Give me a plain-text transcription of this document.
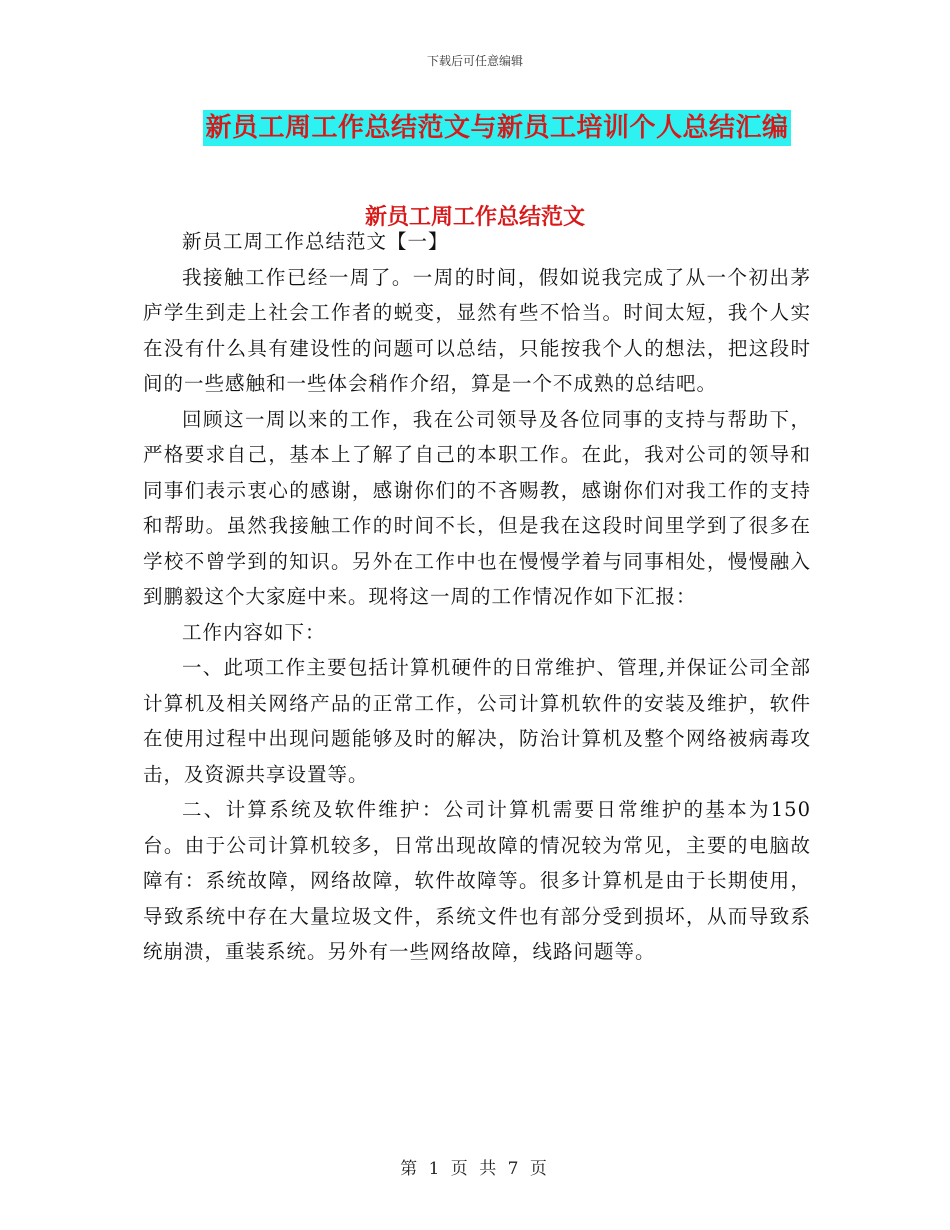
下载后可任意编辑
新员工周工作总结范文与新员工培训个人总结汇编
新员工周工作总结范文

新员工周工作总结范文【一】

我接触工作已经一周了。一周的时间，假如说我完成了从一个初出茅庐学生到走上社会工作者的蜕变，显然有些不恰当。时间太短，我个人实在没有什么具有建设性的问题可以总结，只能按我个人的想法，把这段时间的一些感触和一些体会稍作介绍，算是一个不成熟的总结吧。

回顾这一周以来的工作，我在公司领导及各位同事的支持与帮助下，严格要求自己，基本上了解了自己的本职工作。在此，我对公司的领导和同事们表示衷心的感谢，感谢你们的不吝赐教，感谢你们对我工作的支持和帮助。虽然我接触工作的时间不长，但是我在这段时间里学到了很多在学校不曾学到的知识。另外在工作中也在慢慢学着与同事相处，慢慢融入到鹏毅这个大家庭中来。现将这一周的工作情况作如下汇报：

工作内容如下：

一、此项工作主要包括计算机硬件的日常维护、管理,并保证公司全部计算机及相关网络产品的正常工作，公司计算机软件的安装及维护，软件在使用过程中出现问题能够及时的解决，防治计算机及整个网络被病毒攻击，及资源共享设置等。

二、计算系统及软件维护：公司计算机需要日常维护的基本为150台。由于公司计算机较多，日常出现故障的情况较为常见，主要的电脑故障有：系统故障，网络故障，软件故障等。很多计算机是由于长期使用，导致系统中存在大量垃圾文件，系统文件也有部分受到损坏，从而导致系统崩溃，重装系统。另外有一些网络故障，线路问题等。

第 1 页 共 7 页
